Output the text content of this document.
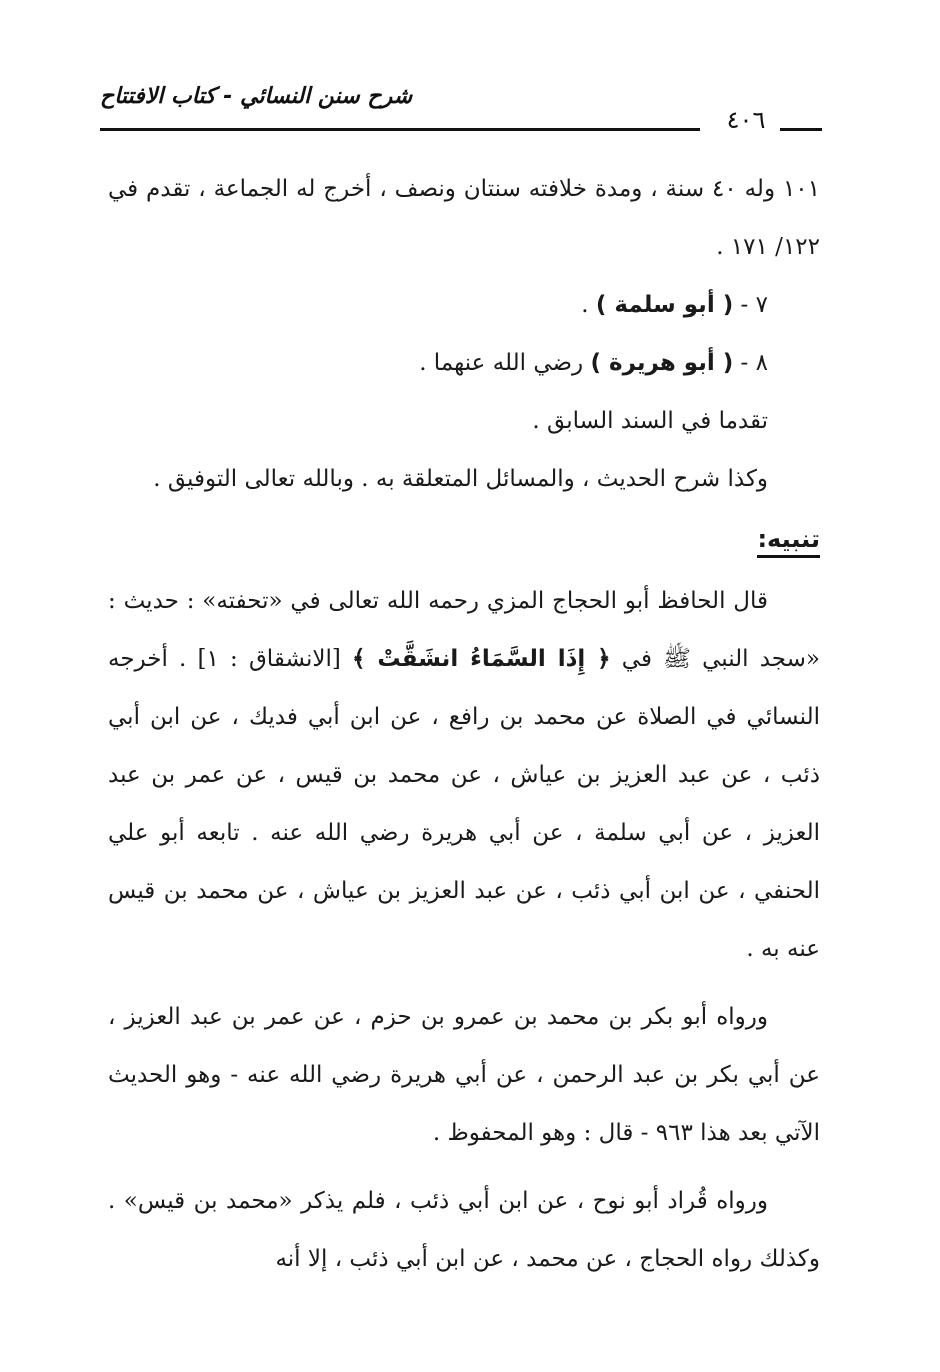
شرح سنن النسائي - كتاب الافتتاح
٤٠٦

١٠١ وله ٤٠ سنة ، ومدة خلافته سنتان ونصف ، أخرج له الجماعة ، تقدم في ١٢٢/ ١٧١ .

٧ - ( أبو سلمة ) .

٨ - ( أبو هريرة ) رضي الله عنهما .

تقدما في السند السابق .

وكذا شرح الحديث ، والمسائل المتعلقة به . وبالله تعالى التوفيق .

تنبيه:

قال الحافظ أبو الحجاج المزي رحمه الله تعالى في «تحفته» : حديث : «سجد النبي ﷺ في ﴿ إِذَا السَّمَاءُ انشَقَّتْ ﴾ [الانشقاق : ١] . أخرجه النسائي في الصلاة عن محمد بن رافع ، عن ابن أبي فديك ، عن ابن أبي ذئب ، عن عبد العزيز بن عياش ، عن محمد بن قيس ، عن عمر بن عبد العزيز ، عن أبي سلمة ، عن أبي هريرة رضي الله عنه . تابعه أبو علي الحنفي ، عن ابن أبي ذئب ، عن عبد العزيز بن عياش ، عن محمد بن قيس عنه به .

ورواه أبو بكر بن محمد بن عمرو بن حزم ، عن عمر بن عبد العزيز ، عن أبي بكر بن عبد الرحمن ، عن أبي هريرة رضي الله عنه - وهو الحديث الآتي بعد هذا ٩٦٣ - قال : وهو المحفوظ .

ورواه قُراد أبو نوح ، عن ابن أبي ذئب ، فلم يذكر «محمد بن قيس» . وكذلك رواه الحجاج ، عن محمد ، عن ابن أبي ذئب ، إلا أنه
